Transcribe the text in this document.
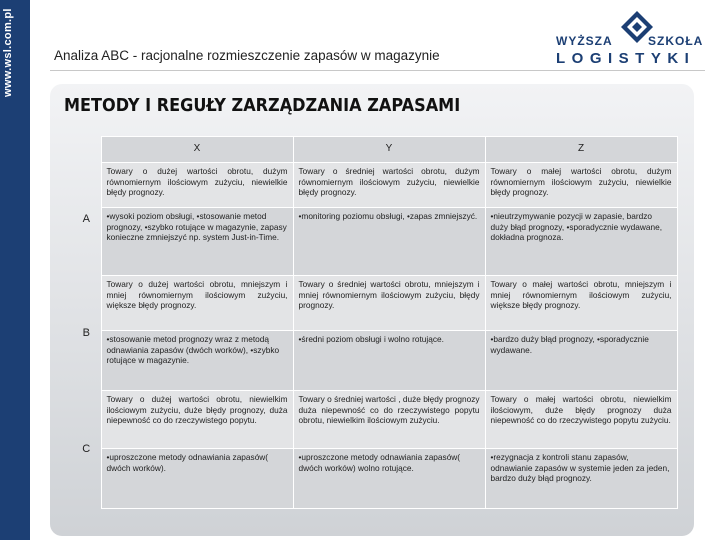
www.wsl.com.pl	Analiza ABC - racjonalne rozmieszczenie zapasów w magazynie
WYŻSZA	SZKOŁA
LOGISTYKI
METODY I REGUŁY ZARZĄDZANIA ZAPASAMI
	X	Y	Z
A	Towary o dużej wartości obrotu, dużym równomiernym ilościowym zużyciu, niewielkie błędy prognozy.	Towary o średniej wartości obrotu, dużym równomiernym ilościowym zużyciu, niewielkie błędy prognozy.	Towary o małej wartości obrotu, dużym równomiernym ilościowym zużyciu, niewielkie błędy prognozy.
	•wysoki poziom obsługi, •stosowanie metod prognozy, •szybko rotujące w magazynie, zapasy konieczne zmniejszyć np. system Just-in-Time.	•monitoring poziomu obsługi, •zapas zmniejszyć.	•nieutrzymywanie pozycji w zapasie, bardzo duży błąd prognozy, •sporadycznie wydawane, dokładna prognoza.
B	Towary o dużej wartości obrotu, mniejszym i mniej równomiernym ilościowym zużyciu, większe błędy prognozy.	Towary o średniej wartości obrotu, mniejszym i mniej równomiernym ilościowym zużyciu, błędy prognozy.	Towary o małej wartości obrotu, mniejszym i mniej równomiernym ilościowym zużyciu, większe błędy prognozy.
	•stosowanie metod prognozy wraz z metodą odnawiania zapasów (dwóch worków), •szybko rotujące w magazynie.	•średni poziom obsługi i wolno rotujące.	•bardzo duży błąd prognozy, •sporadycznie wydawane.
C	Towary o dużej wartości obrotu, niewielkim ilościowym zużyciu, duże błędy prognozy, duża niepewność co do rzeczywistego popytu.	Towary o średniej wartości , duże błędy prognozy duża niepewność co do rzeczywistego popytu obrotu, niewielkim ilościowym zużyciu.	Towary o małej wartości obrotu, niewielkim ilościowym, duże błędy prognozy duża niepewność co do rzeczywistego popytu zużyciu.
	•uproszczone metody odnawiania zapasów( dwóch worków).	•uproszczone metody odnawiania zapasów( dwóch worków) wolno rotujące.	•rezygnacja z kontroli stanu zapasów, odnawianie zapasów w systemie jeden za jeden, bardzo duży błąd prognozy.
